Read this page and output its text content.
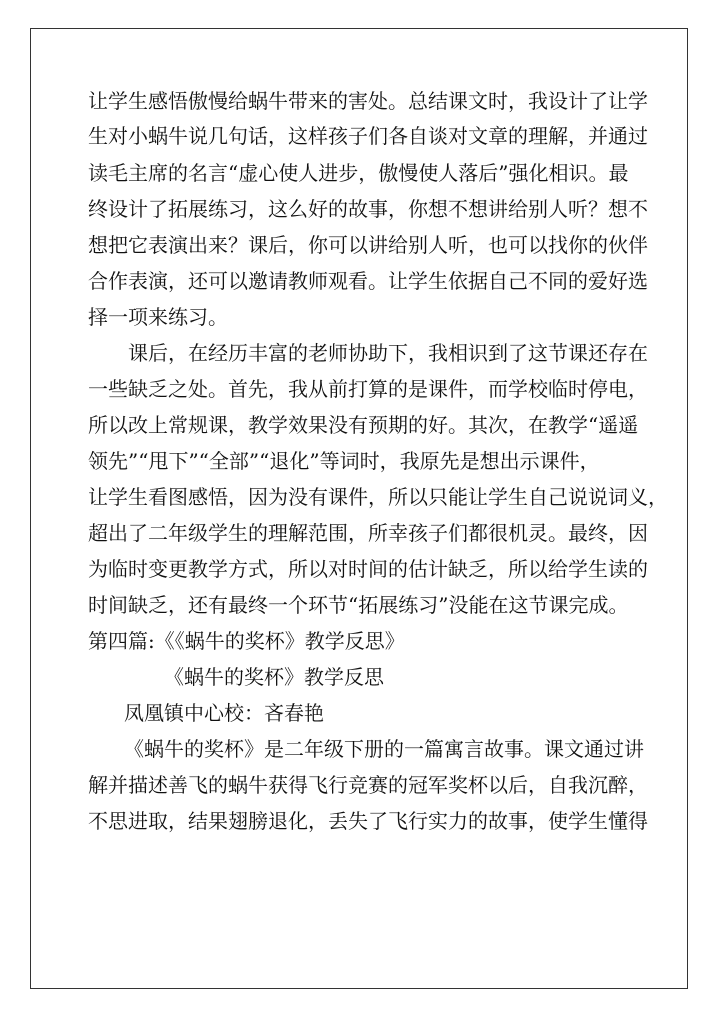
让学生感悟傲慢给蜗牛带来的害处。总结课文时，我设计了让学
生对小蜗牛说几句话，这样孩子们各自谈对文章的理解，并通过
读毛主席的名言“虚心使人进步，傲慢使人落后”强化相识。最
终设计了拓展练习，这么好的故事，你想不想讲给别人听？想不
想把它表演出来？课后，你可以讲给别人听，也可以找你的伙伴
合作表演，还可以邀请教师观看。让学生依据自己不同的爱好选
择一项来练习。
课后，在经历丰富的老师协助下，我相识到了这节课还存在
一些缺乏之处。首先，我从前打算的是课件，而学校临时停电，
所以改上常规课，教学效果没有预期的好。其次，在教学“遥遥
领先”“甩下”“全部”“退化”等词时，我原先是想出示课件，
让学生看图感悟，因为没有课件，所以只能让学生自己说说词义，
超出了二年级学生的理解范围，所幸孩子们都很机灵。最终，因
为临时变更教学方式，所以对时间的估计缺乏，所以给学生读的
时间缺乏，还有最终一个环节“拓展练习”没能在这节课完成。
第四篇:《《蜗牛的奖杯》教学反思》
《蜗牛的奖杯》教学反思
凤凰镇中心校：吝春艳
《蜗牛的奖杯》是二年级下册的一篇寓言故事。课文通过讲
解并描述善飞的蜗牛获得飞行竞赛的冠军奖杯以后，自我沉醉，
不思进取，结果翅膀退化，丢失了飞行实力的故事，使学生懂得
